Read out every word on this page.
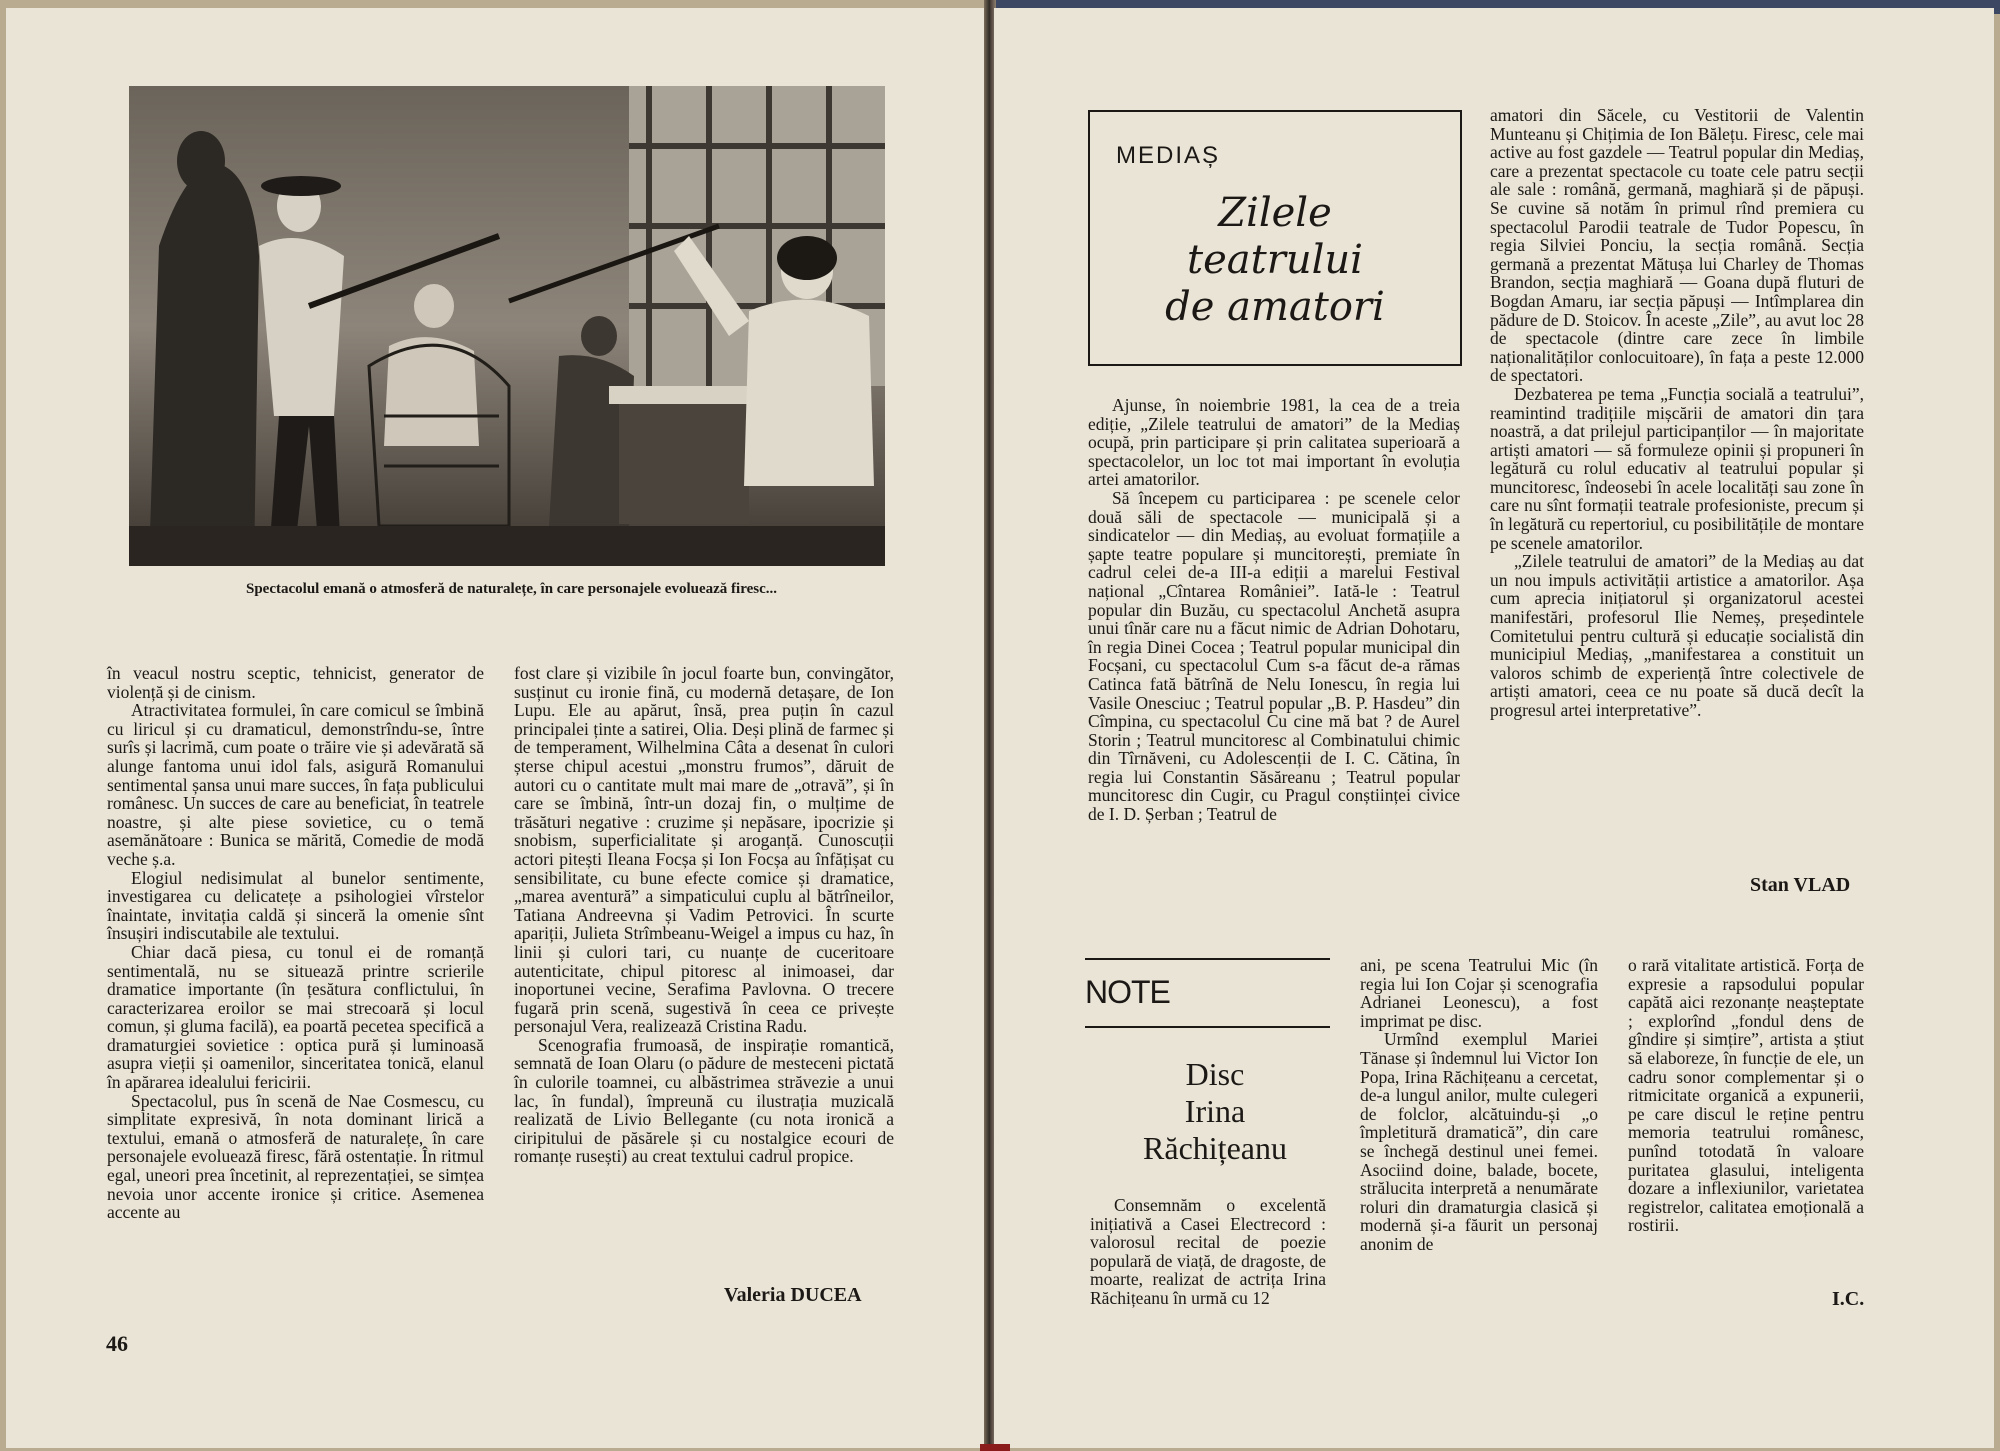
Spectacolul emană o atmosferă de naturalețe, în care personajele evoluează firesc...

în veacul nostru sceptic, tehnicist, generator de violență și de cinism.

Atractivitatea formulei, în care comicul se îmbină cu liricul și cu dramaticul, demonstrîndu-se, între surîs și lacrimă, cum poate o trăire vie și adevărată să alunge fantoma unui idol fals, asigură Romanului sentimental șansa unui mare succes, în fața publicului românesc. Un succes de care au beneficiat, în teatrele noastre, și alte piese sovietice, cu o temă asemănătoare : Bunica se mărită, Comedie de modă veche ș.a.

Elogiul nedisimulat al bunelor sentimente, investigarea cu delicatețe a psihologiei vîrstelor înaintate, invitația caldă și sinceră la omenie sînt însușiri indiscutabile ale textului.

Chiar dacă piesa, cu tonul ei de romanță sentimentală, nu se situează printre scrierile dramatice importante (în țesătura conflictului, în caracterizarea eroilor se mai strecoară și locul comun, și gluma facilă), ea poartă pecetea specifică a dramaturgiei sovietice : optica pură și luminoasă asupra vieții și oamenilor, sinceritatea tonică, elanul în apărarea idealului fericirii.

Spectacolul, pus în scenă de Nae Cosmescu, cu simplitate expresivă, în nota dominant lirică a textului, emană o atmosferă de naturalețe, în care personajele evoluează firesc, fără ostentație. În ritmul egal, uneori prea încetinit, al reprezentației, se simțea nevoia unor accente ironice și critice. Asemenea accente au

fost clare și vizibile în jocul foarte bun, convingător, susținut cu ironie fină, cu modernă detașare, de Ion Lupu. Ele au apărut, însă, prea puțin în cazul principalei ținte a satirei, Olia. Deși plină de farmec și de temperament, Wilhelmina Câta a desenat în culori șterse chipul acestui „monstru frumos”, dăruit de autori cu o cantitate mult mai mare de „otravă”, și în care se îmbină, într-un dozaj fin, o mulțime de trăsături negative : cruzime și nepăsare, ipocrizie și snobism, superficialitate și aroganță. Cunoscuții actori pitești Ileana Focșa și Ion Focșa au înfățișat cu sensibilitate, cu bune efecte comice și dramatice, „marea aventură” a simpaticului cuplu al bătrîneilor, Tatiana Andreevna și Vadim Petrovici. În scurte apariții, Julieta Strîmbeanu-Weigel a impus cu haz, în linii și culori tari, cu nuanțe de cuceritoare autenticitate, chipul pitoresc al inimoasei, dar inoportunei vecine, Serafima Pavlovna. O trecere fugară prin scenă, sugestivă în ceea ce privește personajul Vera, realizează Cristina Radu.

Scenografia frumoasă, de inspirație romantică, semnată de Ioan Olaru (o pădure de mesteceni pictată în culorile toamnei, cu albăstrimea străvezie a unui lac, în fundal), împreună cu ilustrația muzicală realizată de Livio Bellegante (cu nota ironică a ciripitului de păsărele și cu nostalgice ecouri de romanțe rusești) au creat textului cadrul propice.

Valeria DUCEA
46
MEDIAȘ
Zilele
teatrului
de amatori

Ajunse, în noiembrie 1981, la cea de a treia ediție, „Zilele teatrului de amatori” de la Mediaș ocupă, prin participare și prin calitatea superioară a spectacolelor, un loc tot mai important în evoluția artei amatorilor.

Să începem cu participarea : pe scenele celor două săli de spectacole — municipală și a sindicatelor — din Mediaș, au evoluat formațiile a șapte teatre populare și muncitorești, premiate în cadrul celei de-a III-a ediții a marelui Festival național „Cîntarea României”. Iată-le : Teatrul popular din Buzău, cu spectacolul Anchetă asupra unui tînăr care nu a făcut nimic de Adrian Dohotaru, în regia Dinei Cocea ; Teatrul popular municipal din Focșani, cu spectacolul Cum s-a făcut de-a rămas Catinca fată bătrînă de Nelu Ionescu, în regia lui Vasile Onesciuc ; Teatrul popular „B. P. Hasdeu” din Cîmpina, cu spectacolul Cu cine mă bat ? de Aurel Storin ; Teatrul muncitoresc al Combinatului chimic din Tîrnăveni, cu Adolescenții de I. C. Cătina, în regia lui Constantin Săsăreanu ; Teatrul popular muncitoresc din Cugir, cu Pragul conștiinței civice de I. D. Șerban ; Teatrul de

amatori din Săcele, cu Vestitorii de Valentin Munteanu și Chițimia de Ion Bălețu. Firesc, cele mai active au fost gazdele — Teatrul popular din Mediaș, care a prezentat spectacole cu toate cele patru secții ale sale : română, germană, maghiară și de păpuși. Se cuvine să notăm în primul rînd premiera cu spectacolul Parodii teatrale de Tudor Popescu, în regia Silviei Ponciu, la secția română. Secția germană a prezentat Mătușa lui Charley de Thomas Brandon, secția maghiară — Goana după fluturi de Bogdan Amaru, iar secția păpuși — Intîmplarea din pădure de D. Stoicov. În aceste „Zile”, au avut loc 28 de spectacole (dintre care zece în limbile naționalităților conlocuitoare), în fața a peste 12.000 de spectatori.

Dezbaterea pe tema „Funcția socială a teatrului”, reamintind tradițiile mișcării de amatori din țara noastră, a dat prilejul participanților — în majoritate artiști amatori — să formuleze opinii și propuneri în legătură cu rolul educativ al teatrului popular și muncitoresc, îndeosebi în acele localități sau zone în care nu sînt formații teatrale profesioniste, precum și în legătură cu repertoriul, cu posibilitățile de montare pe scenele amatorilor.

„Zilele teatrului de amatori” de la Mediaș au dat un nou impuls activității artistice a amatorilor. Așa cum aprecia inițiatorul și organizatorul acestei manifestări, profesorul Ilie Nemeș, președintele Comitetului pentru cultură și educație socialistă din municipiul Mediaș, „manifestarea a constituit un valoros schimb de experiență între colectivele de artiști amatori, ceea ce nu poate să ducă decît la progresul artei interpretative”.

Stan VLAD
NOTE
Disc
Irina
Răchițeanu

Consemnăm o excelentă inițiativă a Casei Electrecord : valorosul recital de poezie populară de viață, de dragoste, de moarte, realizat de actrița Irina Răchițeanu în urmă cu 12

ani, pe scena Teatrului Mic (în regia lui Ion Cojar și scenografia Adrianei Leonescu), a fost imprimat pe disc.

Urmînd exemplul Mariei Tănase și îndemnul lui Victor Ion Popa, Irina Răchițeanu a cercetat, de-a lungul anilor, multe culegeri de folclor, alcătuindu-și „o împletitură dramatică”, din care se închegă destinul unei femei. Asociind doine, balade, bocete, strălucita interpretă a nenumărate roluri din dramaturgia clasică și modernă și-a făurit un personaj anonim de

o rară vitalitate artistică. Forța de expresie a rapsodului popular capătă aici rezonanțe neașteptate ; explorînd „fondul dens de gîndire și simțire”, artista a știut să elaboreze, în funcție de ele, un cadru sonor complementar și o ritmicitate organică a expunerii, pe care discul le reține pentru memoria teatrului românesc, punînd totodată în valoare puritatea glasului, inteligenta dozare a inflexiunilor, varietatea registrelor, calitatea emoțională a rostirii.

I.C.
